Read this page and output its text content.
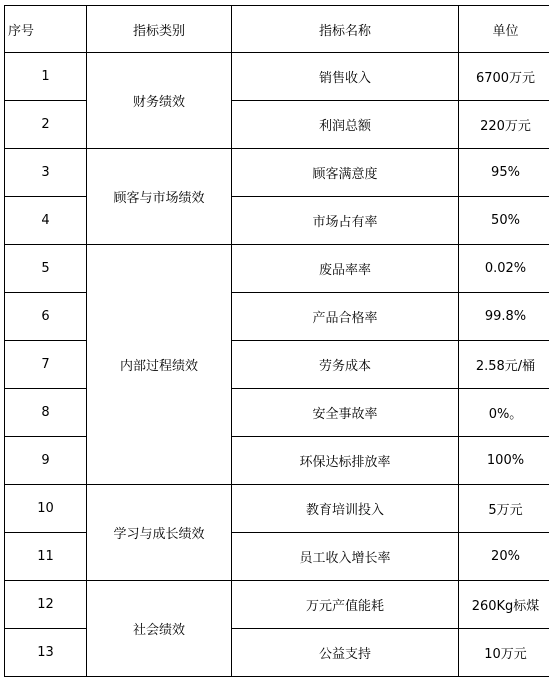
序号	指标类别	指标名称	单位
1	财务绩效	销售收入	6700万元
2		利润总额	220万元
3	顾客与市场绩效	顾客满意度	95%
4		市场占有率	50%
5	内部过程绩效	废品率率	0.02%
6		产品合格率	99.8%
7		劳务成本	2.58元/桶
8		安全事故率	0%。
9		环保达标排放率	100%
10	学习与成长绩效	教育培训投入	5万元
11		员工收入增长率	20%
12	社会绩效	万元产值能耗	260Kg标煤
13		公益支持	10万元
